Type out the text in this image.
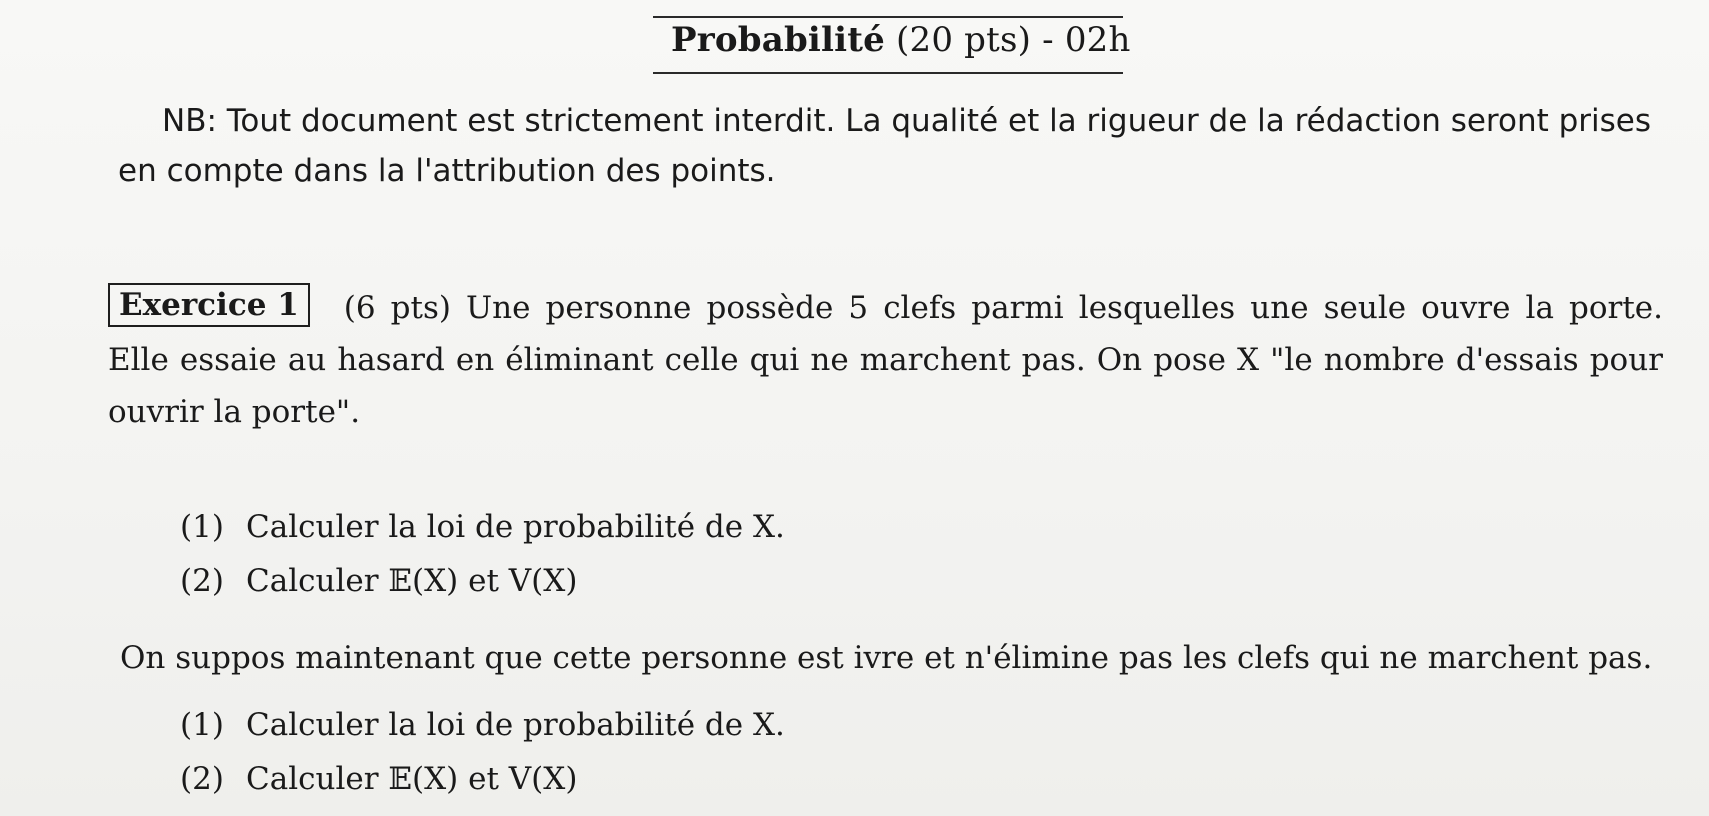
Probabilité (20 pts) - 02h
NB: Tout document est strictement interdit. La qualité et la rigueur de la rédaction seront prises en compte dans la l'attribution des points.
Exercice 1 (6 pts) Une personne possède 5 clefs parmi lesquelles une seule ouvre la porte. Elle essaie au hasard en éliminant celle qui ne marchent pas. On pose X "le nombre d'essais pour ouvrir la porte".
(1) Calculer la loi de probabilité de X.
(2) Calculer 𝔼(X) et V(X)
On suppos maintenant que cette personne est ivre et n'élimine pas les clefs qui ne marchent pas.
(1) Calculer la loi de probabilité de X.
(2) Calculer 𝔼(X) et V(X)
